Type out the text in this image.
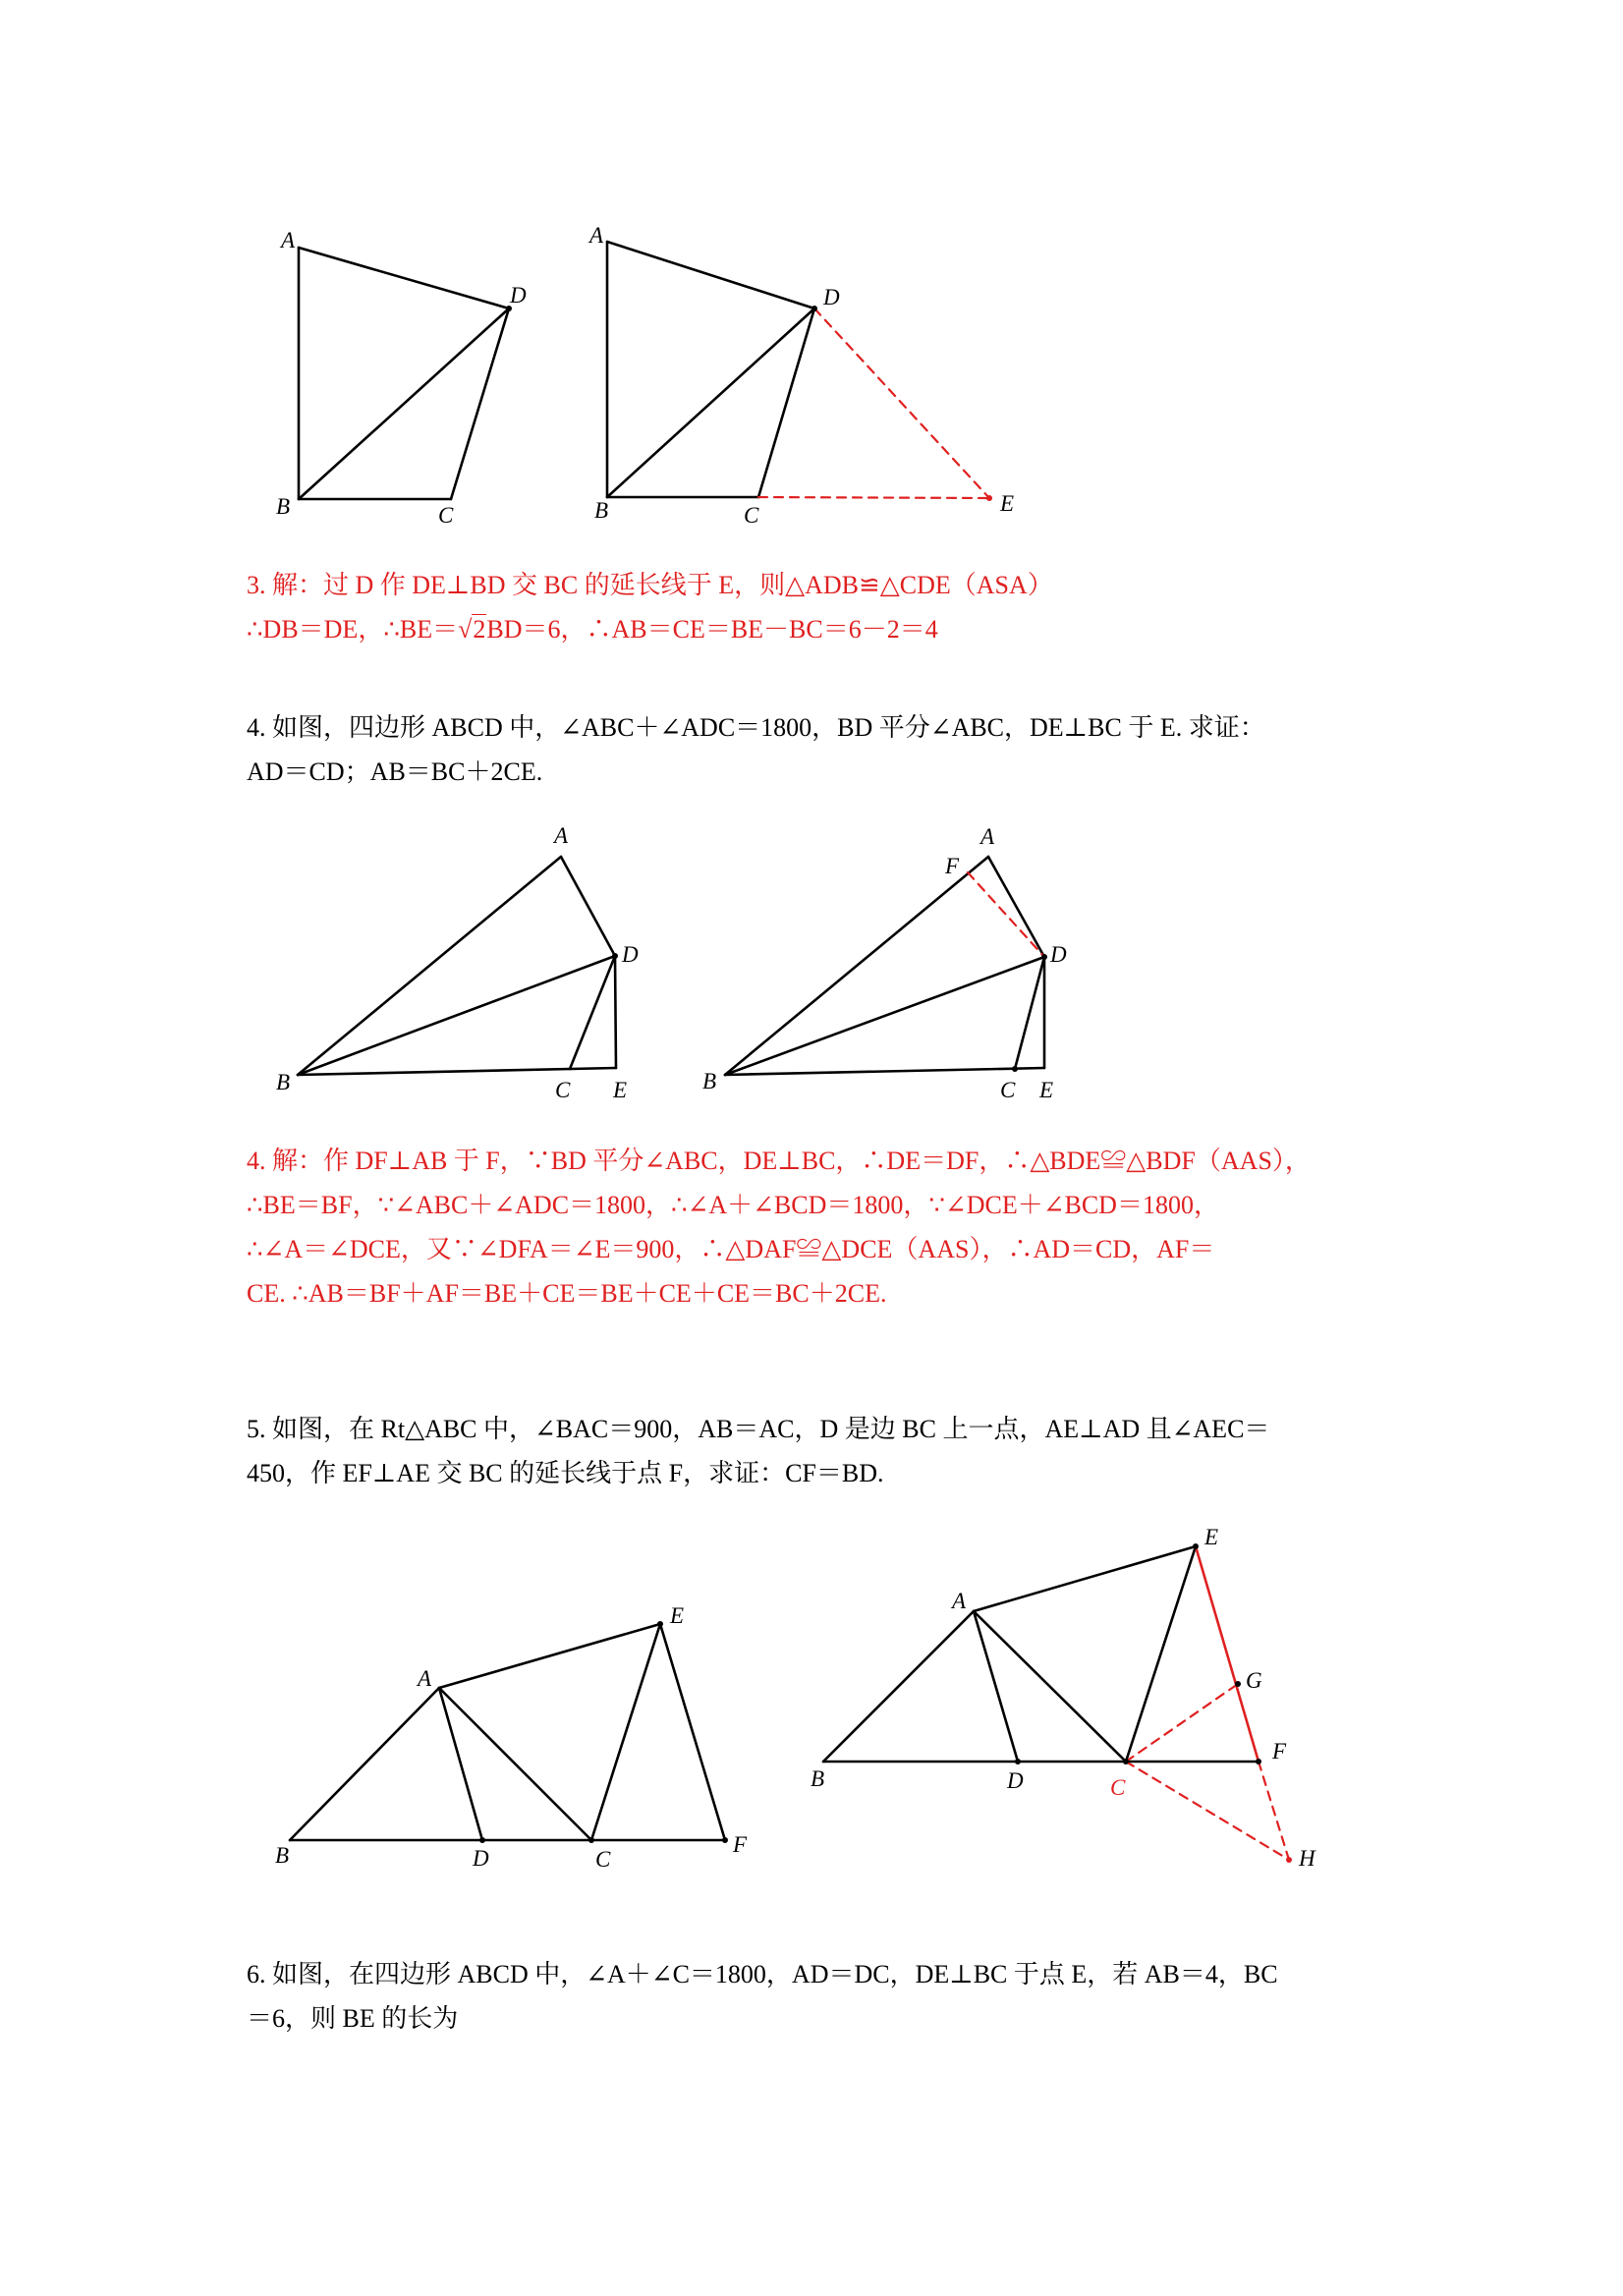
A
B	C
D
A
B	C
D
E

3. 解：过 D 作 DE⊥BD 交 BC 的延长线于 E，则△ADB≌△CDE（ASA）

∴DB＝DE，∴BE＝√2BD＝6，∴AB＝CE＝BE－BC＝6－2＝4

4. 如图，四边形 ABCD 中，∠ABC＋∠ADC＝1800，BD 平分∠ABC，DE⊥BC 于 E. 求证：

AD＝CD；AB＝BC＋2CE.

A
B	C
D
E
F
A
B	C
D
E

4. 解：作 DF⊥AB 于 F，∵BD 平分∠ABC，DE⊥BC，∴DE＝DF，∴△BDE≌△BDF（AAS），

∴BE＝BF，∵∠ABC＋∠ADC＝1800，∴∠A＋∠BCD＝1800，∵∠DCE＋∠BCD＝1800，

∴∠A＝∠DCE，又∵∠DFA＝∠E＝900，∴△DAF≌△DCE（AAS），∴AD＝CD，AF＝

CE. ∴AB＝BF＋AF＝BE＋CE＝BE＋CE＋CE＝BC＋2CE.

5. 如图，在 Rt△ABC 中，∠BAC＝900，AB＝AC，D 是边 BC 上一点，AE⊥AD 且∠AEC＝

450，作 EF⊥AE 交 BC 的延长线于点 F，求证：CF＝BD.

A
B	D	C
E
F
A
B	D	C
E
G
F
H

6. 如图，在四边形 ABCD 中，∠A＋∠C＝1800，AD＝DC，DE⊥BC 于点 E，若 AB＝4，BC

＝6，则 BE 的长为
